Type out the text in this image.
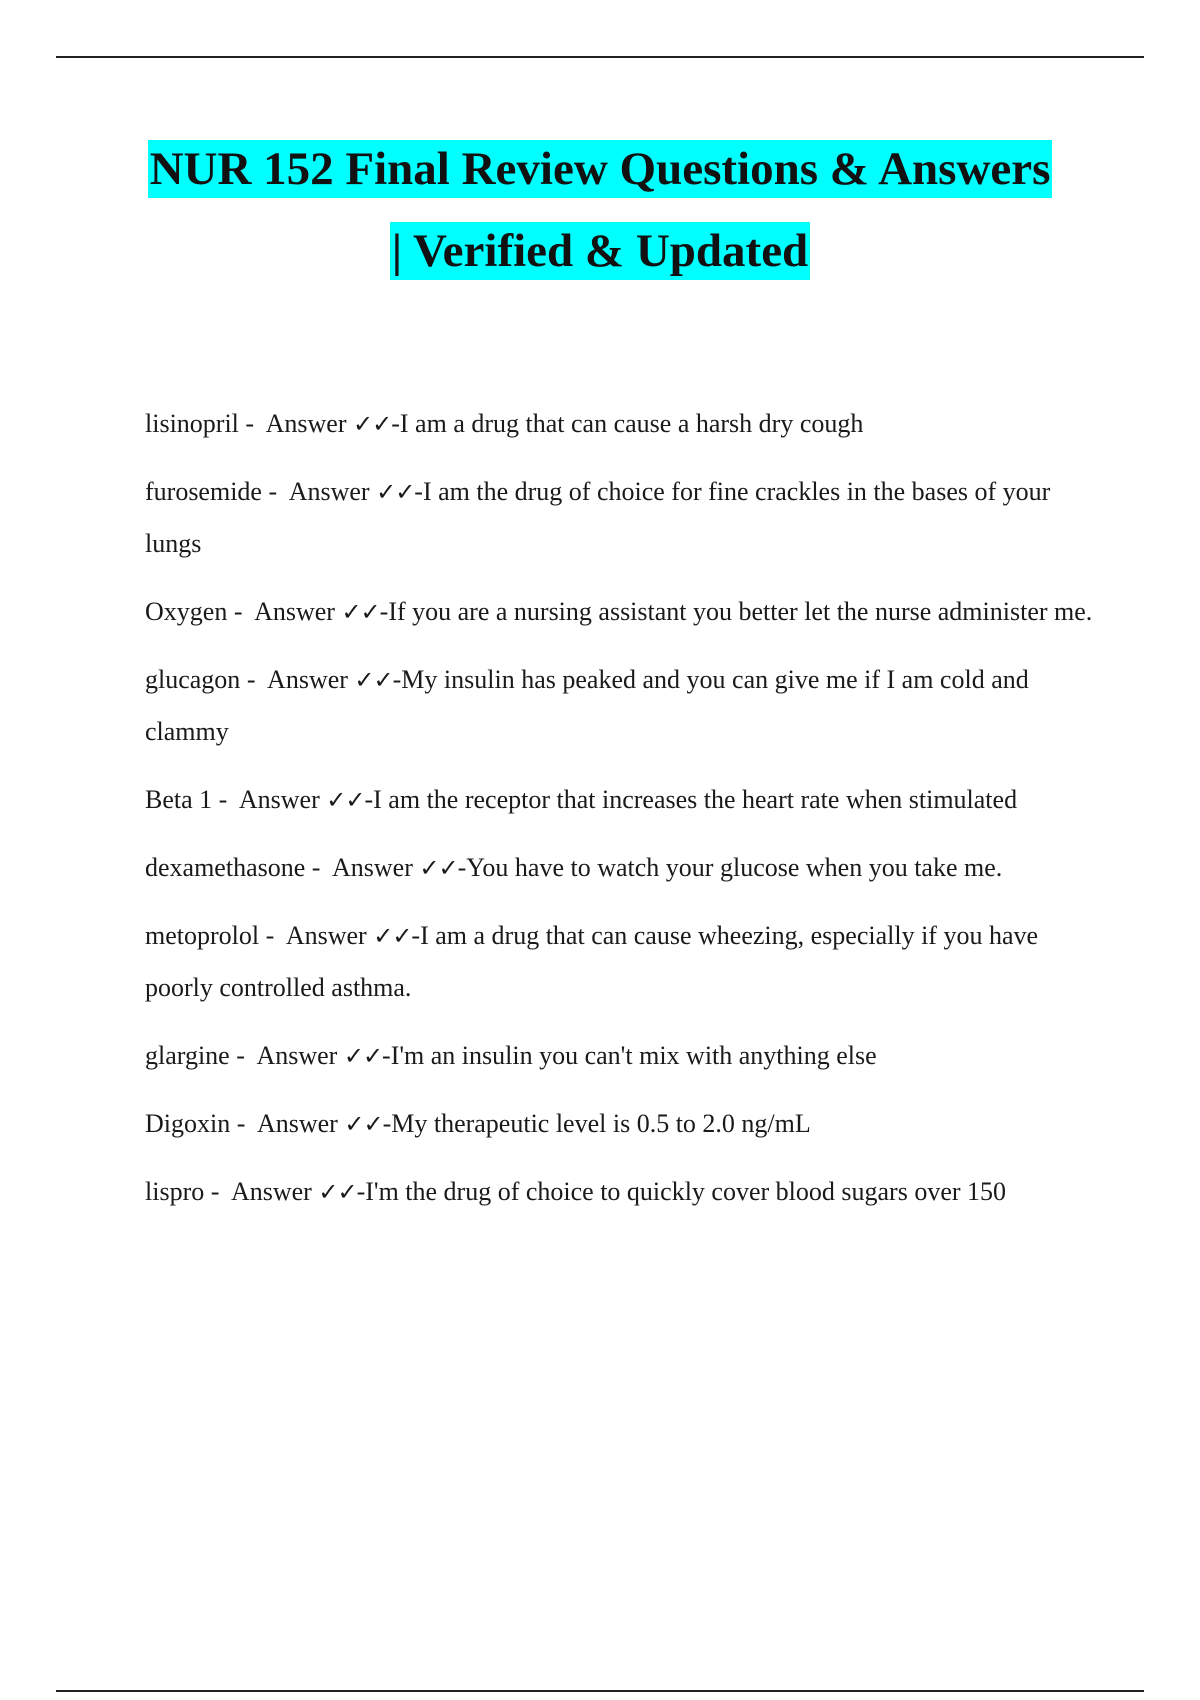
NUR 152 Final Review Questions & Answers
| Verified & Updated
lisinopril -  Answer ✓✓-I am a drug that can cause a harsh dry cough
furosemide -  Answer ✓✓-I am the drug of choice for fine crackles in the bases of your lungs
Oxygen -  Answer ✓✓-If you are a nursing assistant you better let the nurse administer me.
glucagon -  Answer ✓✓-My insulin has peaked and you can give me if I am cold and clammy
Beta 1 -  Answer ✓✓-I am the receptor that increases the heart rate when stimulated
dexamethasone -  Answer ✓✓-You have to watch your glucose when you take me.
metoprolol -  Answer ✓✓-I am a drug that can cause wheezing, especially if you have poorly controlled asthma.
glargine -  Answer ✓✓-I'm an insulin you can't mix with anything else
Digoxin -  Answer ✓✓-My therapeutic level is 0.5 to 2.0 ng/mL
lispro -  Answer ✓✓-I'm the drug of choice to quickly cover blood sugars over 150
